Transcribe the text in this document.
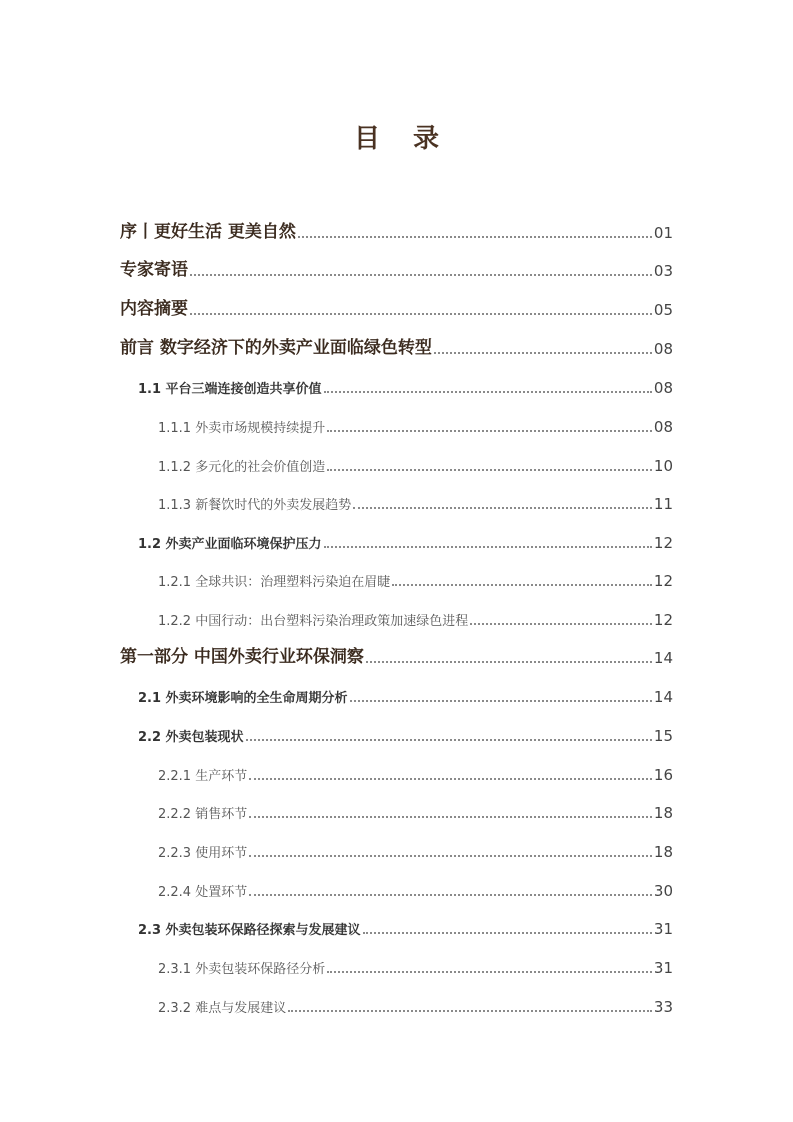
目 录
序丨更好生活 更美自然	01
专家寄语	03
内容摘要	05
前言 数字经济下的外卖产业面临绿色转型	08
1.1 平台三端连接创造共享价值	08
1.1.1 外卖市场规模持续提升	08
1.1.2 多元化的社会价值创造	10
1.1.3 新餐饮时代的外卖发展趋势	11
1.2 外卖产业面临环境保护压力	12
1.2.1 全球共识：治理塑料污染迫在眉睫	12
1.2.2 中国行动：出台塑料污染治理政策加速绿色进程	12
第一部分 中国外卖行业环保洞察	14
2.1 外卖环境影响的全生命周期分析	14
2.2 外卖包装现状	15
2.2.1 生产环节	16
2.2.2 销售环节	18
2.2.3 使用环节	18
2.2.4 处置环节	30
2.3 外卖包装环保路径探索与发展建议	31
2.3.1 外卖包装环保路径分析	31
2.3.2 难点与发展建议	33
